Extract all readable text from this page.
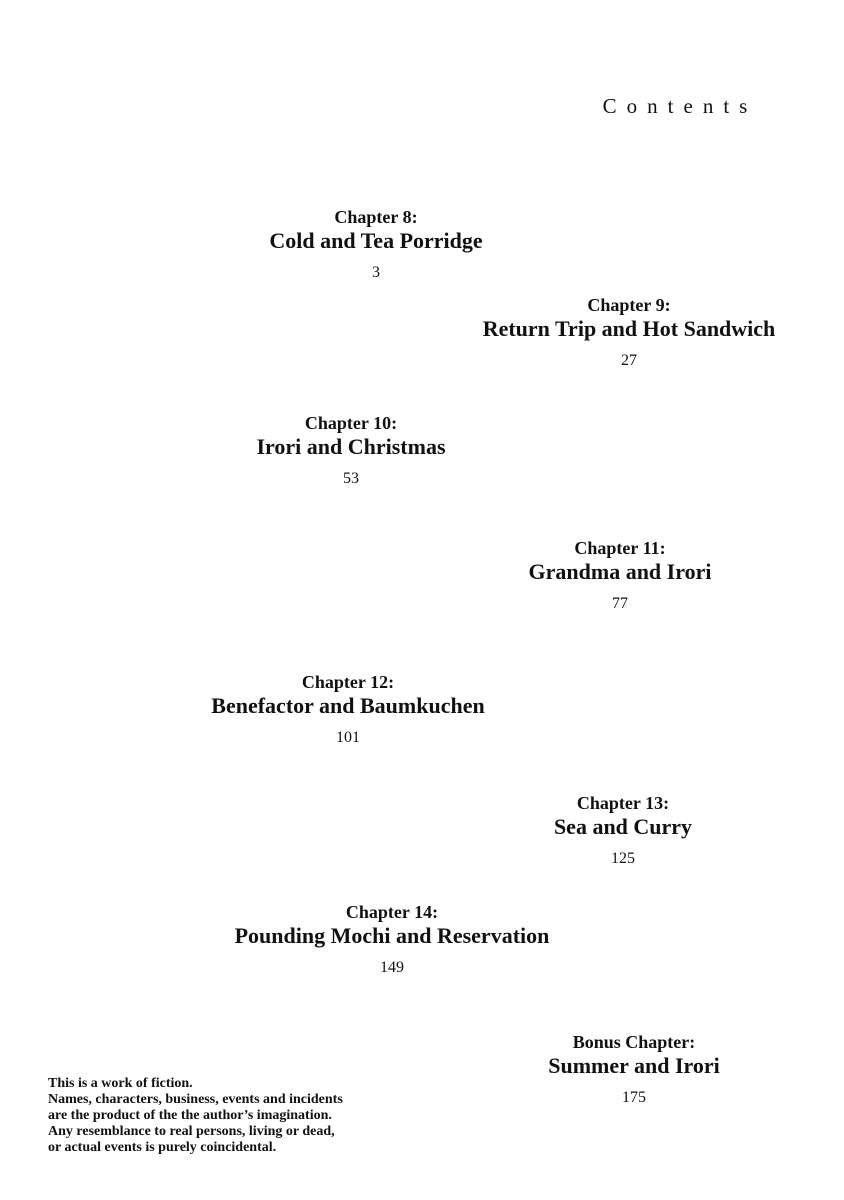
Contents
Chapter 8:
Cold and Tea Porridge
3
Chapter 9:
Return Trip and Hot Sandwich
27
Chapter 10:
Irori and Christmas
53
Chapter 11:
Grandma and Irori
77
Chapter 12:
Benefactor and Baumkuchen
101
Chapter 13:
Sea and Curry
125
Chapter 14:
Pounding Mochi and Reservation
149
Bonus Chapter:
Summer and Irori
175
This is a work of fiction.
Names, characters, business, events and incidents
are the product of the the author’s imagination.
Any resemblance to real persons, living or dead,
or actual events is purely coincidental.
